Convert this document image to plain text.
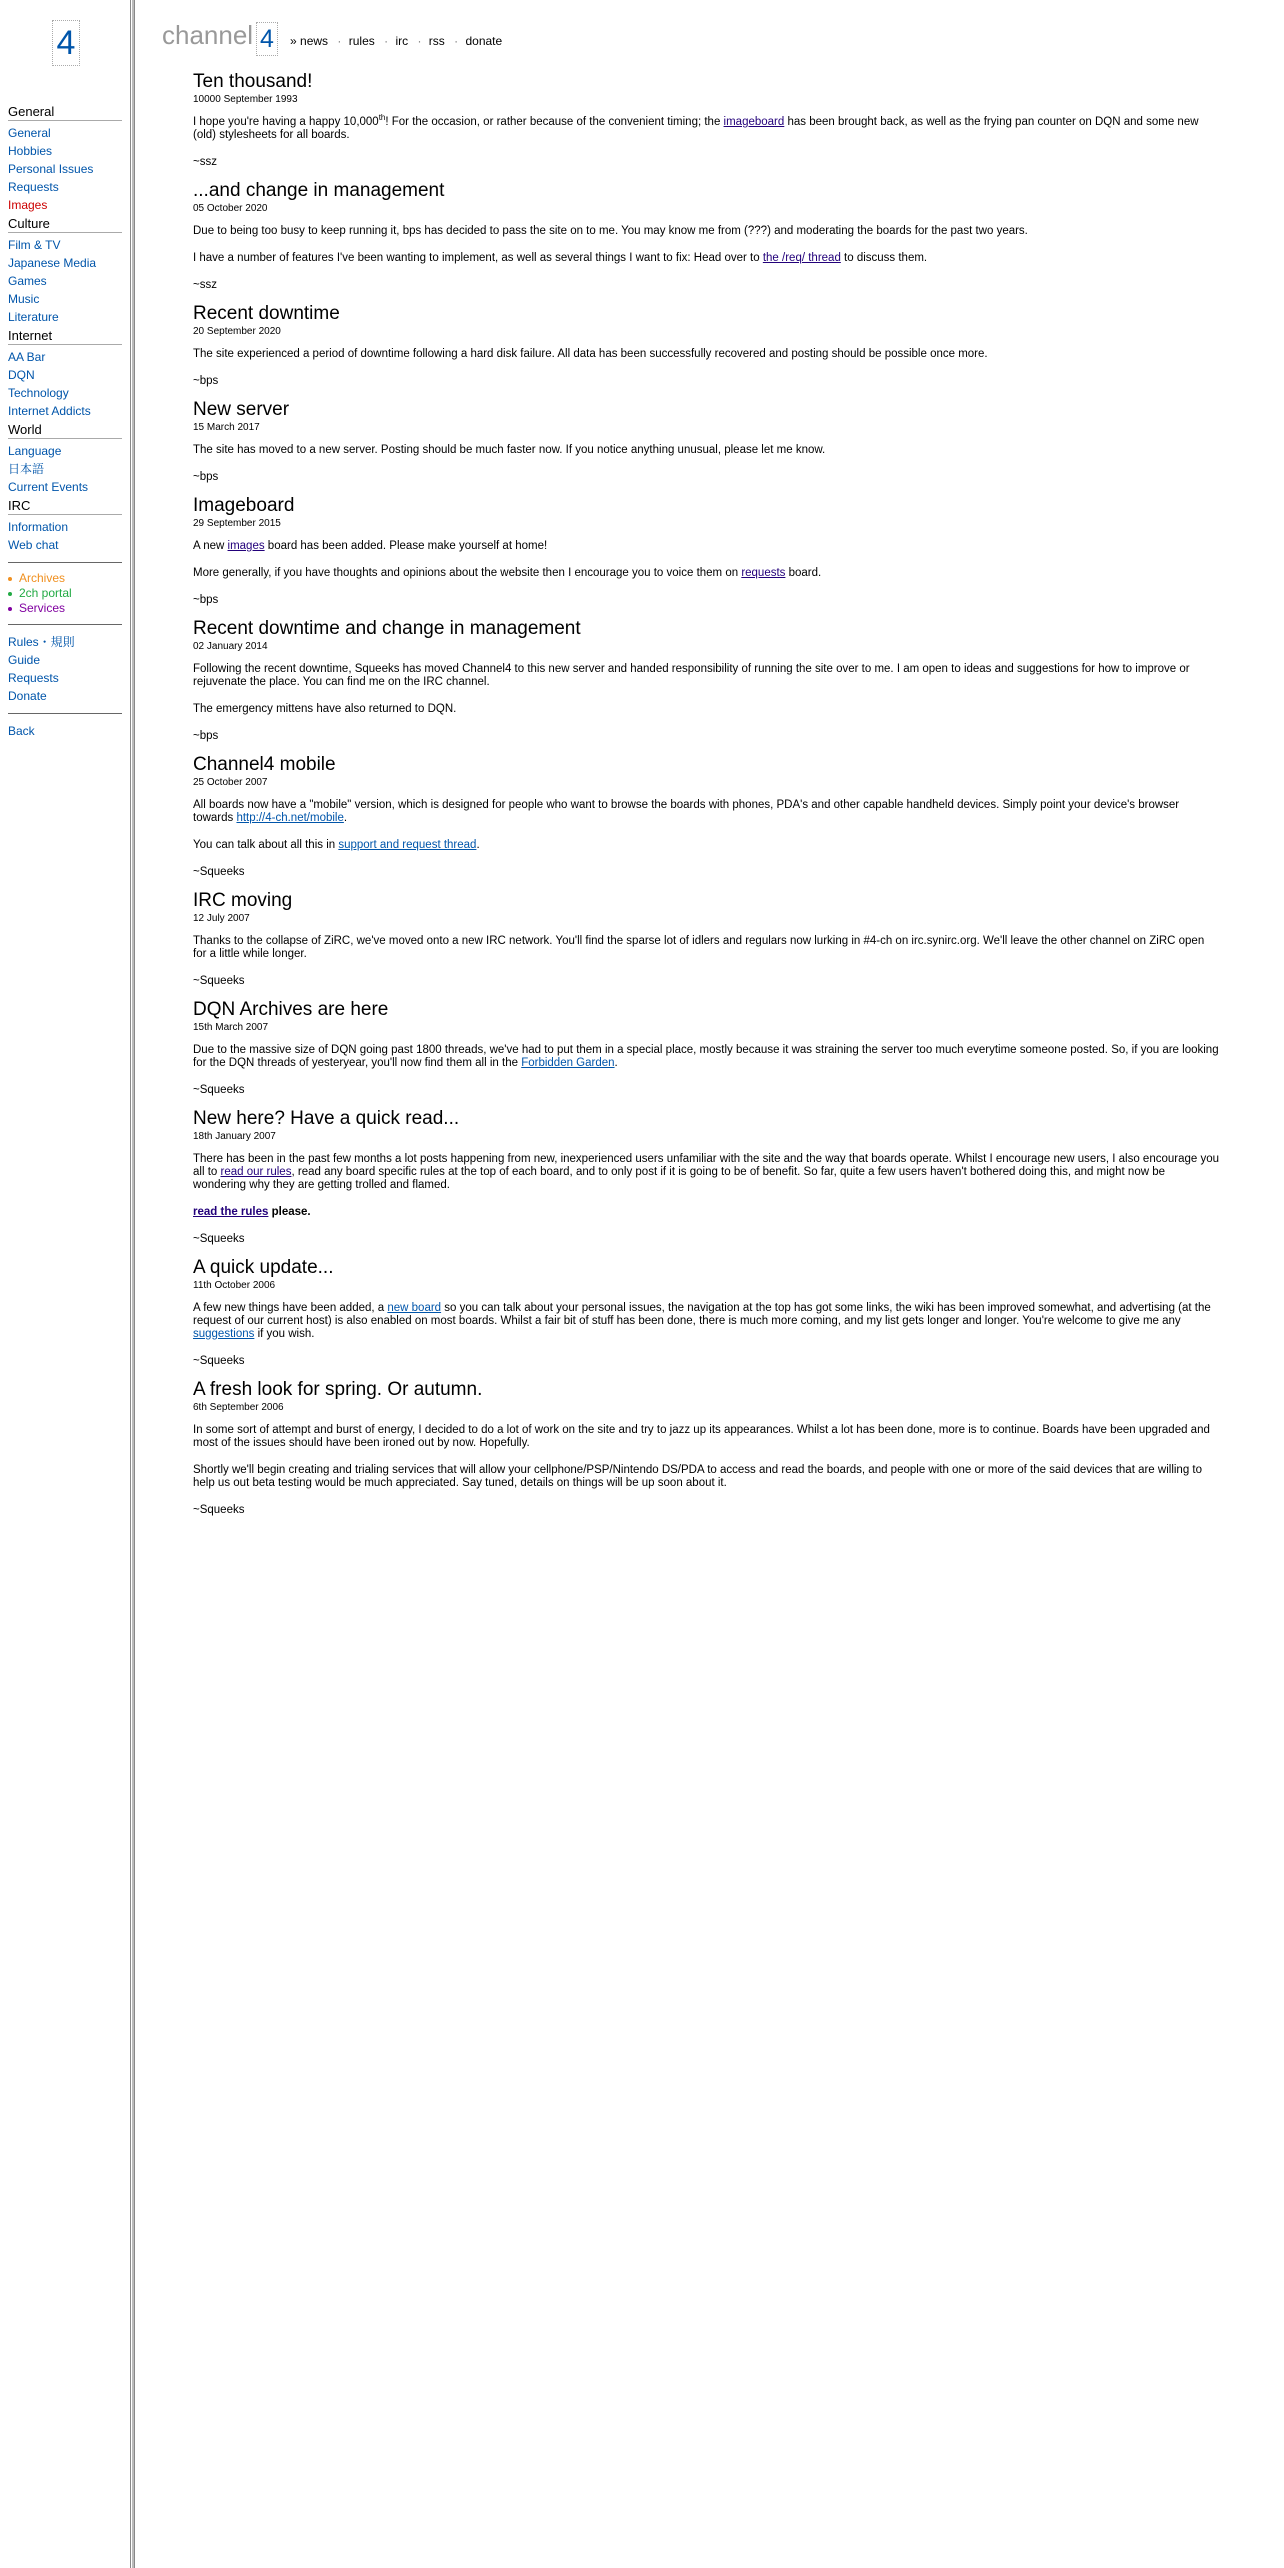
4
General
General
Hobbies
Personal Issues
Requests
Images
Culture
Film & TV
Japanese Media
Games
Music
Literature
Internet
AA Bar
DQN
Technology
Internet Addicts
World
Language
日本語
Current Events
IRC
Information
Web chat
Archives
2ch portal
Services
Rules・規則
Guide
Requests
Donate
Back
channel 4	» news · rules · irc · rss · donate
Ten thousand!
10000 September 1993

I hope you're having a happy 10,000th! For the occasion, or rather because of the convenient timing; the imageboard has been brought back, as well as the frying pan counter on DQN and some new (old) stylesheets for all boards.

~ssz

...and change in management
05 October 2020

Due to being too busy to keep running it, bps has decided to pass the site on to me. You may know me from (???) and moderating the boards for the past two years.

I have a number of features I've been wanting to implement, as well as several things I want to fix: Head over to the /req/ thread to discuss them.

~ssz

Recent downtime
20 September 2020

The site experienced a period of downtime following a hard disk failure. All data has been successfully recovered and posting should be possible once more.

~bps

New server
15 March 2017

The site has moved to a new server. Posting should be much faster now. If you notice anything unusual, please let me know.

~bps

Imageboard
29 September 2015

A new images board has been added. Please make yourself at home!

More generally, if you have thoughts and opinions about the website then I encourage you to voice them on requests board.

~bps

Recent downtime and change in management
02 January 2014

Following the recent downtime, Squeeks has moved Channel4 to this new server and handed responsibility of running the site over to me. I am open to ideas and suggestions for how to improve or rejuvenate the place. You can find me on the IRC channel.

The emergency mittens have also returned to DQN.

~bps

Channel4 mobile
25 October 2007

All boards now have a "mobile" version, which is designed for people who want to browse the boards with phones, PDA's and other capable handheld devices. Simply point your device's browser towards http://4-ch.net/mobile.

You can talk about all this in support and request thread.

~Squeeks

IRC moving
12 July 2007

Thanks to the collapse of ZiRC, we've moved onto a new IRC network. You'll find the sparse lot of idlers and regulars now lurking in #4-ch on irc.synirc.org. We'll leave the other channel on ZiRC open for a little while longer.

~Squeeks

DQN Archives are here
15th March 2007

Due to the massive size of DQN going past 1800 threads, we've had to put them in a special place, mostly because it was straining the server too much everytime someone posted. So, if you are looking for the DQN threads of yesteryear, you'll now find them all in the Forbidden Garden.

~Squeeks

New here? Have a quick read...
18th January 2007

There has been in the past few months a lot posts happening from new, inexperienced users unfamiliar with the site and the way that boards operate. Whilst I encourage new users, I also encourage you all to read our rules, read any board specific rules at the top of each board, and to only post if it is going to be of benefit. So far, quite a few users haven't bothered doing this, and might now be wondering why they are getting trolled and flamed.

read the rules please.

~Squeeks

A quick update...
11th October 2006

A few new things have been added, a new board so you can talk about your personal issues, the navigation at the top has got some links, the wiki has been improved somewhat, and advertising (at the request of our current host) is also enabled on most boards. Whilst a fair bit of stuff has been done, there is much more coming, and my list gets longer and longer. You're welcome to give me any suggestions if you wish.

~Squeeks

A fresh look for spring. Or autumn.
6th September 2006

In some sort of attempt and burst of energy, I decided to do a lot of work on the site and try to jazz up its appearances. Whilst a lot has been done, more is to continue. Boards have been upgraded and most of the issues should have been ironed out by now. Hopefully.

Shortly we'll begin creating and trialing services that will allow your cellphone/PSP/Nintendo DS/PDA to access and read the boards, and people with one or more of the said devices that are willing to help us out beta testing would be much appreciated. Say tuned, details on things will be up soon about it.

~Squeeks
